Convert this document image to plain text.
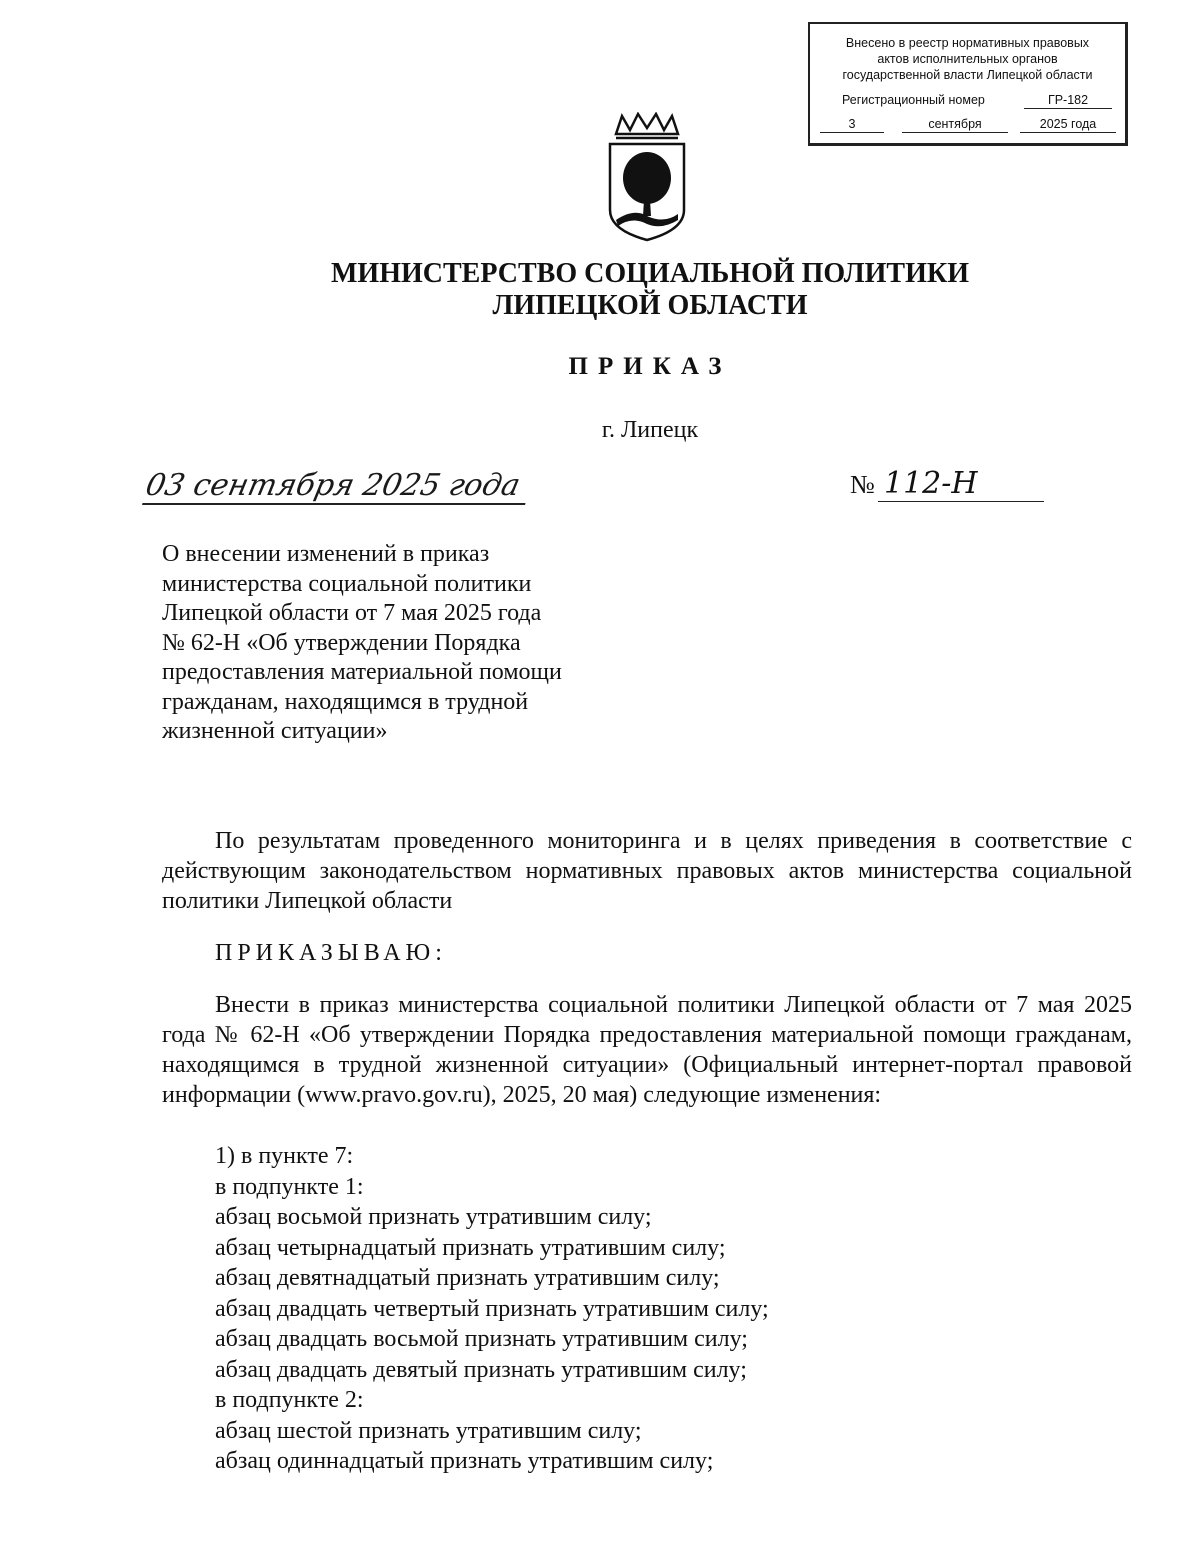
Внесено в реестр нормативных правовых
актов исполнительных органов
государственной власти Липецкой области
Регистрационный номер	ГР-182
3	сентября	2025 года
МИНИСТЕРСТВО СОЦИАЛЬНОЙ ПОЛИТИКИ
ЛИПЕЦКОЙ ОБЛАСТИ
ПРИКАЗ
г. Липецк
03 сентября 2025 года	№ 112-Н
О внесении изменений в приказ
министерства социальной политики
Липецкой области от 7 мая 2025 года
№ 62-Н «Об утверждении Порядка
предоставления материальной помощи
гражданам, находящимся в трудной
жизненной ситуации»
По результатам проведенного мониторинга и в целях приведения в соответствие с действующим законодательством нормативных правовых актов министерства социальной политики Липецкой области
ПРИКАЗЫВАЮ:
Внести в приказ министерства социальной политики Липецкой области от 7 мая 2025 года № 62-Н «Об утверждении Порядка предоставления материальной помощи гражданам, находящимся в трудной жизненной ситуации» (Официальный интернет-портал правовой информации (www.pravo.gov.ru), 2025, 20 мая) следующие изменения:
1) в пункте 7:
в подпункте 1:
абзац восьмой признать утратившим силу;
абзац четырнадцатый признать утратившим силу;
абзац девятнадцатый признать утратившим силу;
абзац двадцать четвертый признать утратившим силу;
абзац двадцать восьмой признать утратившим силу;
абзац двадцать девятый признать утратившим силу;
в подпункте 2:
абзац шестой признать утратившим силу;
абзац одиннадцатый признать утратившим силу;
